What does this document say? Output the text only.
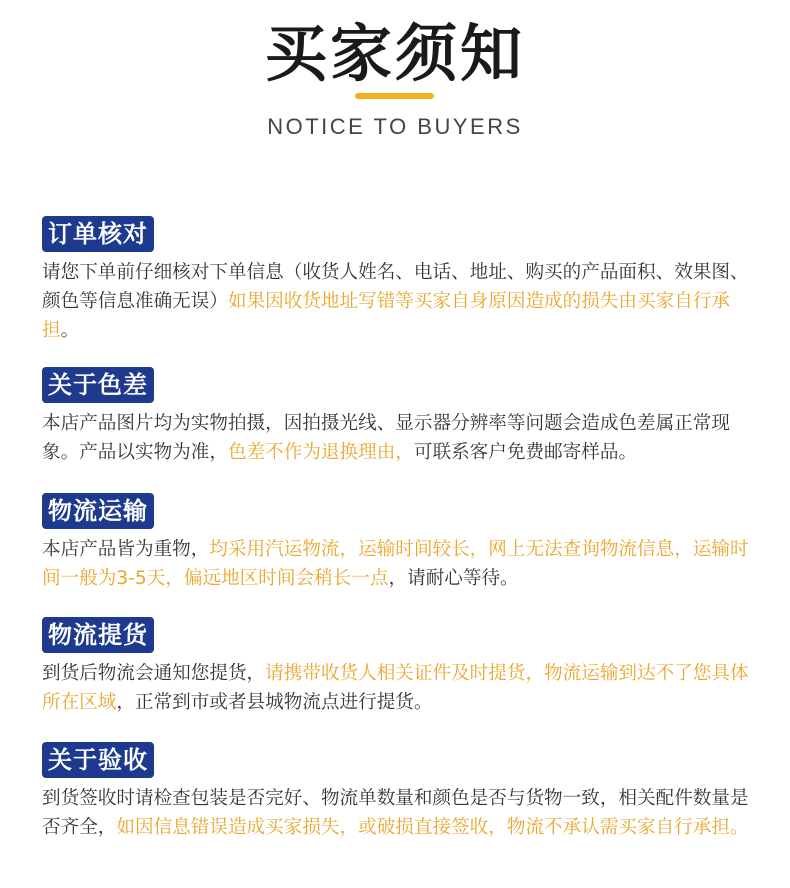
买家须知
NOTICE TO BUYERS
订单核对
请您下单前仔细核对下单信息（收货人姓名、电话、地址、购买的产品面积、效果图、颜色等信息准确无误）如果因收货地址写错等买家自身原因造成的损失由买家自行承担。
关于色差
本店产品图片均为实物拍摄，因拍摄光线、显示器分辨率等问题会造成色差属正常现象。产品以实物为准，色差不作为退换理由，可联系客户免费邮寄样品。
物流运输
本店产品皆为重物，均采用汽运物流，运输时间较长，网上无法查询物流信息，运输时间一般为3-5天，偏远地区时间会稍长一点，请耐心等待。
物流提货
到货后物流会通知您提货，请携带收货人相关证件及时提货，物流运输到达不了您具体所在区域，正常到市或者县城物流点进行提货。
关于验收
到货签收时请检查包装是否完好、物流单数量和颜色是否与货物一致，相关配件数量是否齐全，如因信息错误造成买家损失，或破损直接签收，物流不承认需买家自行承担。
